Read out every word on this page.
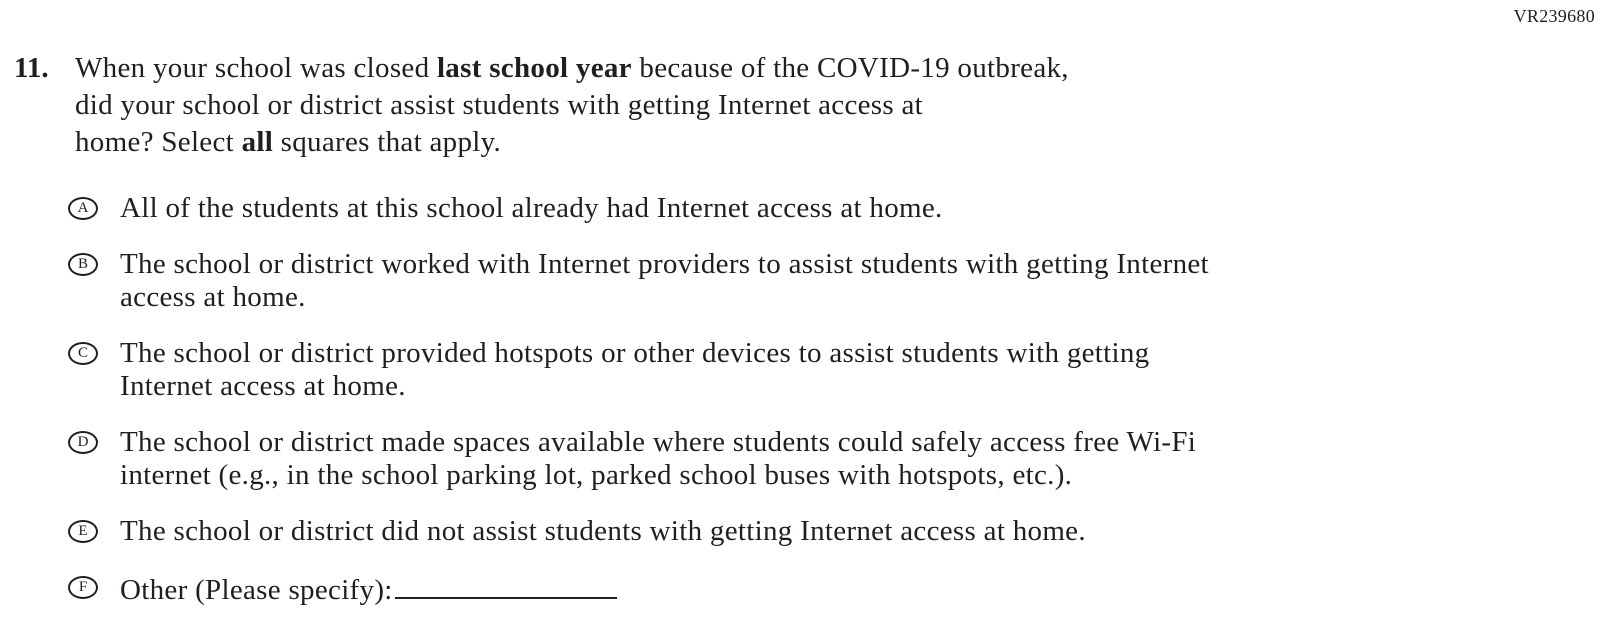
VR239680
11. When your school was closed last school year because of the COVID-19 outbreak,
did your school or district assist students with getting Internet access at
home? Select all squares that apply.
A All of the students at this school already had Internet access at home.
B The school or district worked with Internet providers to assist students with getting Internet
access at home.
C The school or district provided hotspots or other devices to assist students with getting
Internet access at home.
D The school or district made spaces available where students could safely access free Wi-Fi
internet (e.g., in the school parking lot, parked school buses with hotspots, etc.).
E The school or district did not assist students with getting Internet access at home.
F Other (Please specify):
